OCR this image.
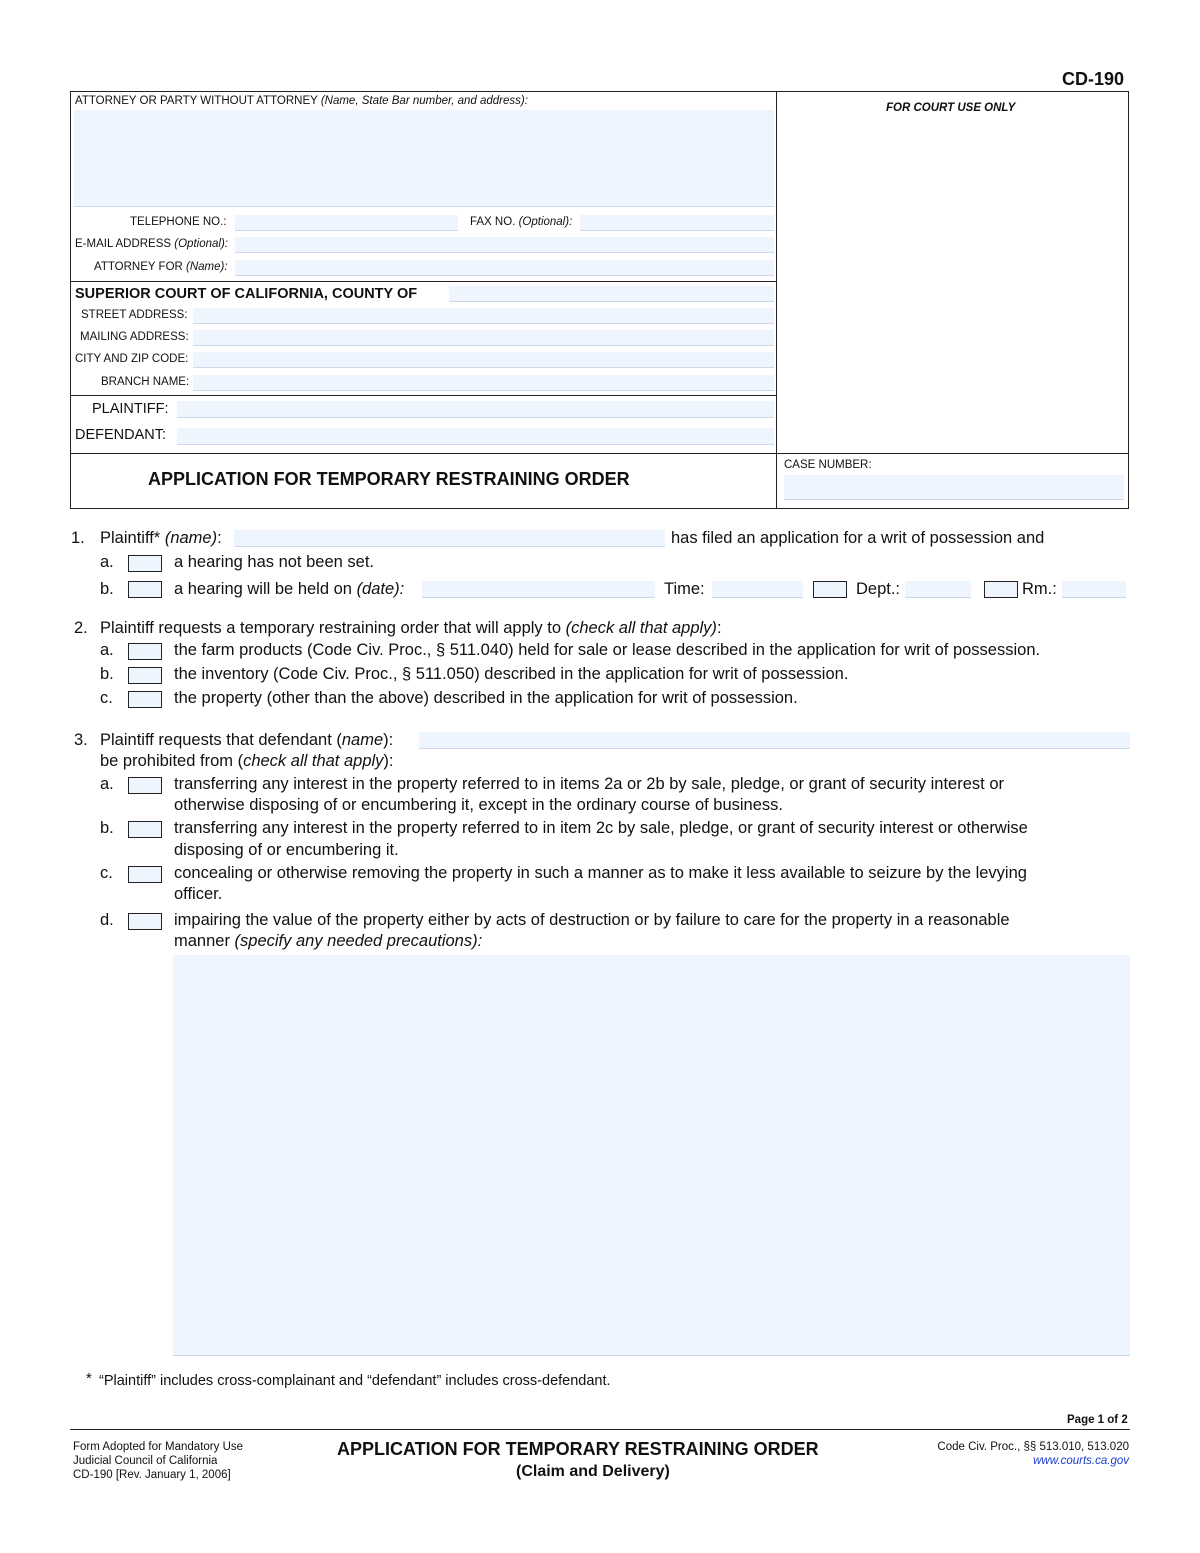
CD-190
ATTORNEY OR PARTY WITHOUT ATTORNEY (Name, State Bar number, and address):
TELEPHONE NO.:	FAX NO. (Optional):
E-MAIL ADDRESS (Optional):
ATTORNEY FOR (Name):
FOR COURT USE ONLY
SUPERIOR COURT OF CALIFORNIA, COUNTY OF
STREET ADDRESS:
MAILING ADDRESS:
CITY AND ZIP CODE:
BRANCH NAME:
PLAINTIFF:
DEFENDANT:
APPLICATION FOR TEMPORARY RESTRAINING ORDER
CASE NUMBER:
1. Plaintiff* (name):	has filed an application for a writ of possession and
a.	a hearing has not been set.
b.	a hearing will be held on (date):	Time:	Dept.:	Rm.:
2. Plaintiff requests a temporary restraining order that will apply to (check all that apply):
a.	the farm products (Code Civ. Proc., § 511.040) held for sale or lease described in the application for writ of possession.
b.	the inventory (Code Civ. Proc., § 511.050) described in the application for writ of possession.
c.	the property (other than the above) described in the application for writ of possession.
3. Plaintiff requests that defendant (name):
be prohibited from (check all that apply):
a.	transferring any interest in the property referred to in items 2a or 2b by sale, pledge, or grant of security interest or
otherwise disposing of or encumbering it, except in the ordinary course of business.
b.	transferring any interest in the property referred to in item 2c by sale, pledge, or grant of security interest or otherwise
disposing of or encumbering it.
c.	concealing or otherwise removing the property in such a manner as to make it less available to seizure by the levying
officer.
d.	impairing the value of the property either by acts of destruction or by failure to care for the property in a reasonable
manner (specify any needed precautions):
* “Plaintiff” includes cross-complainant and “defendant” includes cross-defendant.
Page 1 of 2
Form Adopted for Mandatory Use
Judicial Council of California
CD-190 [Rev. January 1, 2006]
APPLICATION FOR TEMPORARY RESTRAINING ORDER
(Claim and Delivery)
Code Civ. Proc., §§ 513.010, 513.020
www.courts.ca.gov
